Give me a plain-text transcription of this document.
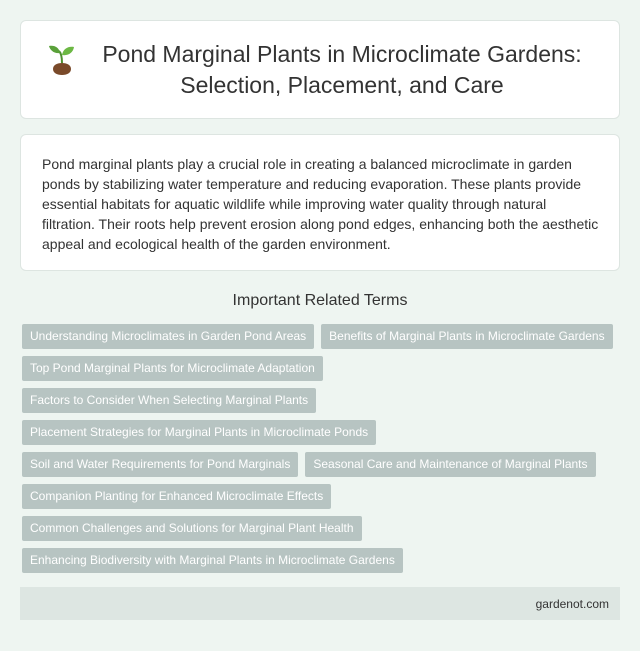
Pond Marginal Plants in Microclimate Gardens: Selection, Placement, and Care

Pond marginal plants play a crucial role in creating a balanced microclimate in garden ponds by stabilizing water temperature and reducing evaporation. These plants provide essential habitats for aquatic wildlife while improving water quality through natural filtration. Their roots help prevent erosion along pond edges, enhancing both the aesthetic appeal and ecological health of the garden environment.

Important Related Terms
Understanding Microclimates in Garden Pond Areas	Benefits of Marginal Plants in Microclimate Gardens
Top Pond Marginal Plants for Microclimate Adaptation
Factors to Consider When Selecting Marginal Plants
Placement Strategies for Marginal Plants in Microclimate Ponds
Soil and Water Requirements for Pond Marginals	Seasonal Care and Maintenance of Marginal Plants
Companion Planting for Enhanced Microclimate Effects
Common Challenges and Solutions for Marginal Plant Health
Enhancing Biodiversity with Marginal Plants in Microclimate Gardens
gardenot.com
